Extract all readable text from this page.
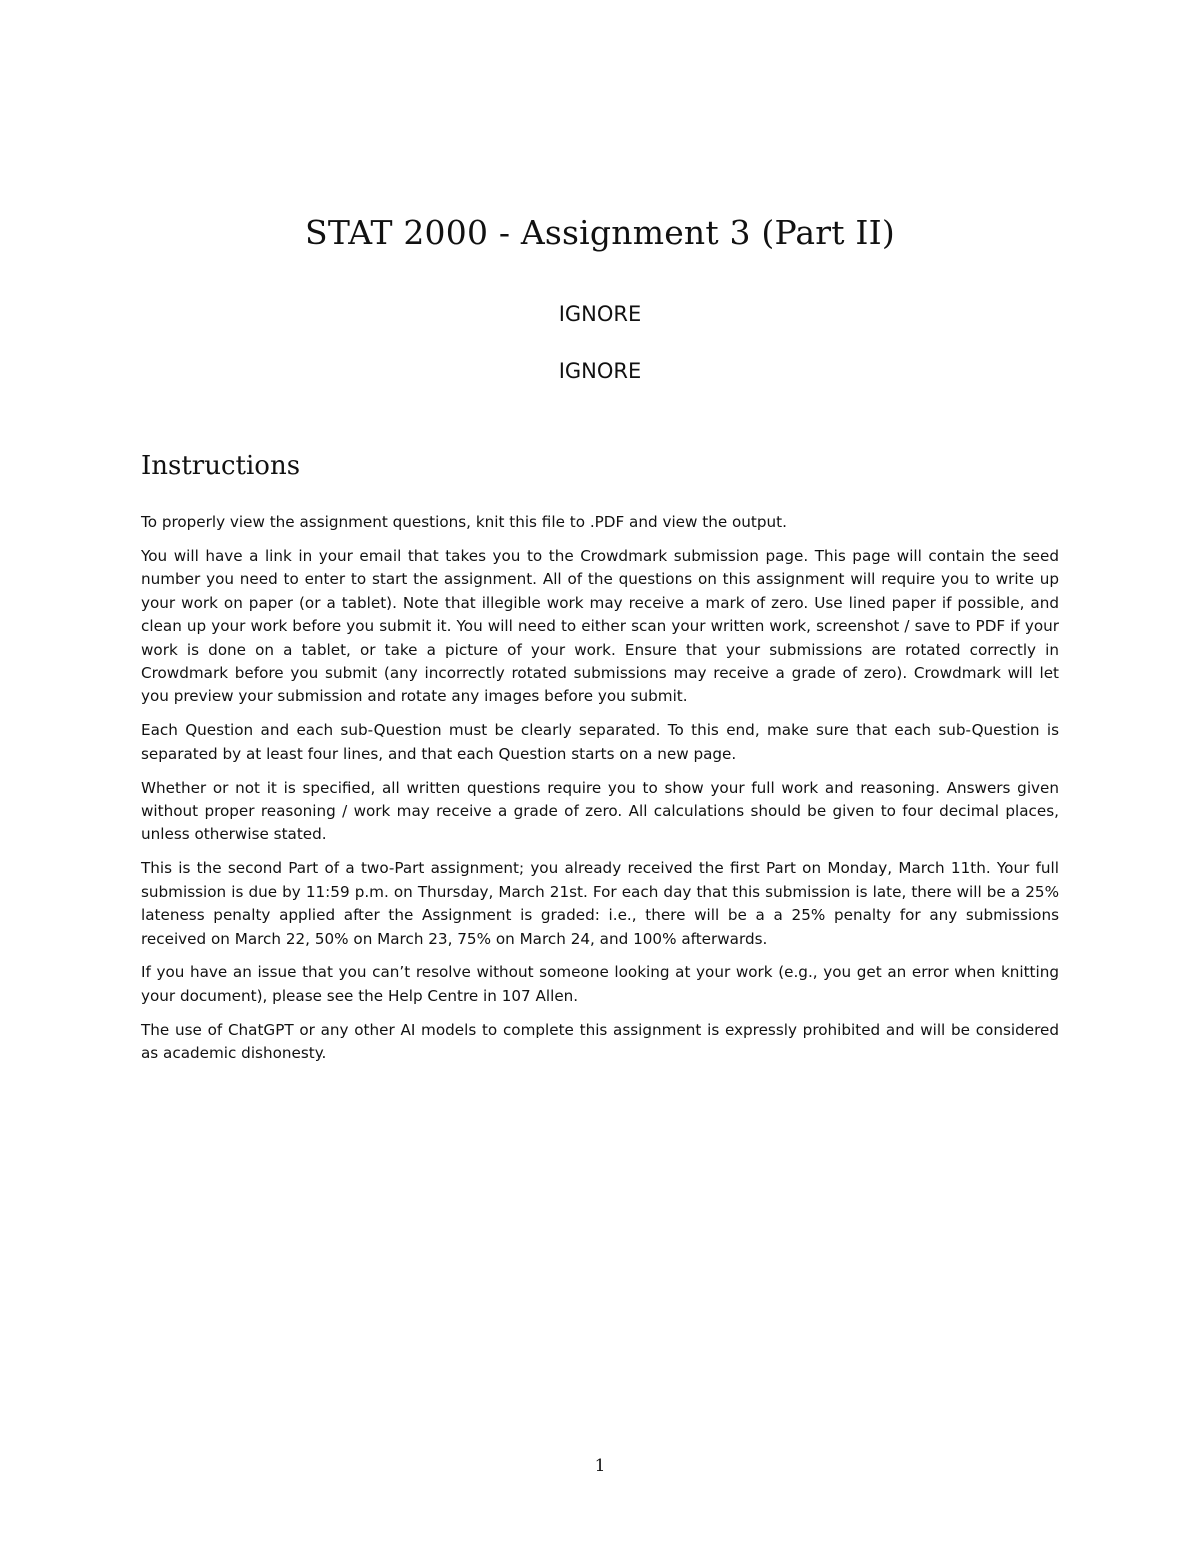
STAT 2000 - Assignment 3 (Part II)
IGNORE
IGNORE
Instructions

To properly view the assignment questions, knit this file to .PDF and view the output.

You will have a link in your email that takes you to the Crowdmark submission page. This page will contain the seed number you need to enter to start the assignment. All of the questions on this assignment will require you to write up your work on paper (or a tablet). Note that illegible work may receive a mark of zero. Use lined paper if possible, and clean up your work before you submit it. You will need to either scan your written work, screenshot / save to PDF if your work is done on a tablet, or take a picture of your work. Ensure that your submissions are rotated correctly in Crowdmark before you submit (any incorrectly rotated submissions may receive a grade of zero). Crowdmark will let you preview your submission and rotate any images before you submit.

Each Question and each sub-Question must be clearly separated. To this end, make sure that each sub-Question is separated by at least four lines, and that each Question starts on a new page.

Whether or not it is specified, all written questions require you to show your full work and reasoning. Answers given without proper reasoning / work may receive a grade of zero. All calculations should be given to four decimal places, unless otherwise stated.

This is the second Part of a two-Part assignment; you already received the first Part on Monday, March 11th. Your full submission is due by 11:59 p.m. on Thursday, March 21st. For each day that this submission is late, there will be a 25% lateness penalty applied after the Assignment is graded: i.e., there will be a a 25% penalty for any submissions received on March 22, 50% on March 23, 75% on March 24, and 100% afterwards.

If you have an issue that you can’t resolve without someone looking at your work (e.g., you get an error when knitting your document), please see the Help Centre in 107 Allen.

The use of ChatGPT or any other AI models to complete this assignment is expressly prohibited and will be considered as academic dishonesty.

1
